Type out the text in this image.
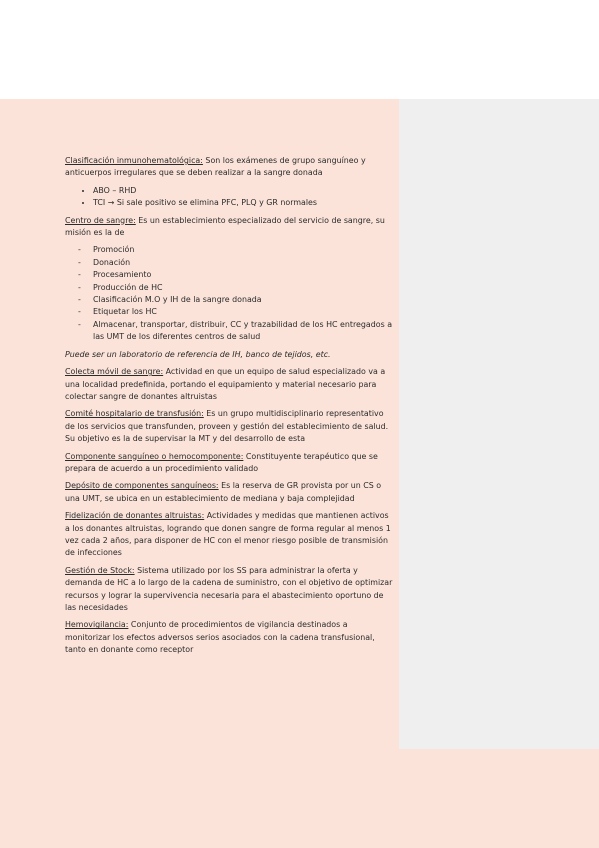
Clasificación inmunohematológica: Son los exámenes de grupo sanguíneo y anticuerpos irregulares que se deben realizar a la sangre donada

• ABO – RHD
• TCI → Si sale positivo se elimina PFC, PLQ y GR normales

Centro de sangre: Es un establecimiento especializado del servicio de sangre, su misión es la de

- Promoción
- Donación
- Procesamiento
- Producción de HC
- Clasificación M.O y IH de la sangre donada
- Etiquetar los HC
- Almacenar, transportar, distribuir, CC y trazabilidad de los HC entregados a las UMT de los diferentes centros de salud

Puede ser un laboratorio de referencia de IH, banco de tejidos, etc.

Colecta móvil de sangre: Actividad en que un equipo de salud especializado va a una localidad predefinida, portando el equipamiento y material necesario para colectar sangre de donantes altruistas

Comité hospitalario de transfusión: Es un grupo multidisciplinario representativo de los servicios que transfunden, proveen y gestión del establecimiento de salud. Su objetivo es la de supervisar la MT y del desarrollo de esta

Componente sanguíneo o hemocomponente: Constituyente terapéutico que se prepara de acuerdo a un procedimiento validado

Depósito de componentes sanguíneos: Es la reserva de GR provista por un CS o una UMT, se ubica en un establecimiento de mediana y baja complejidad

Fidelización de donantes altruistas: Actividades y medidas que mantienen activos a los donantes altruistas, logrando que donen sangre de forma regular al menos 1 vez cada 2 años, para disponer de HC con el menor riesgo posible de transmisión de infecciones

Gestión de Stock: Sistema utilizado por los SS para administrar la oferta y demanda de HC a lo largo de la cadena de suministro, con el objetivo de optimizar recursos y lograr la supervivencia necesaria para el abastecimiento oportuno de las necesidades

Hemovigilancia: Conjunto de procedimientos de vigilancia destinados a monitorizar los efectos adversos serios asociados con la cadena transfusional, tanto en donante como receptor
